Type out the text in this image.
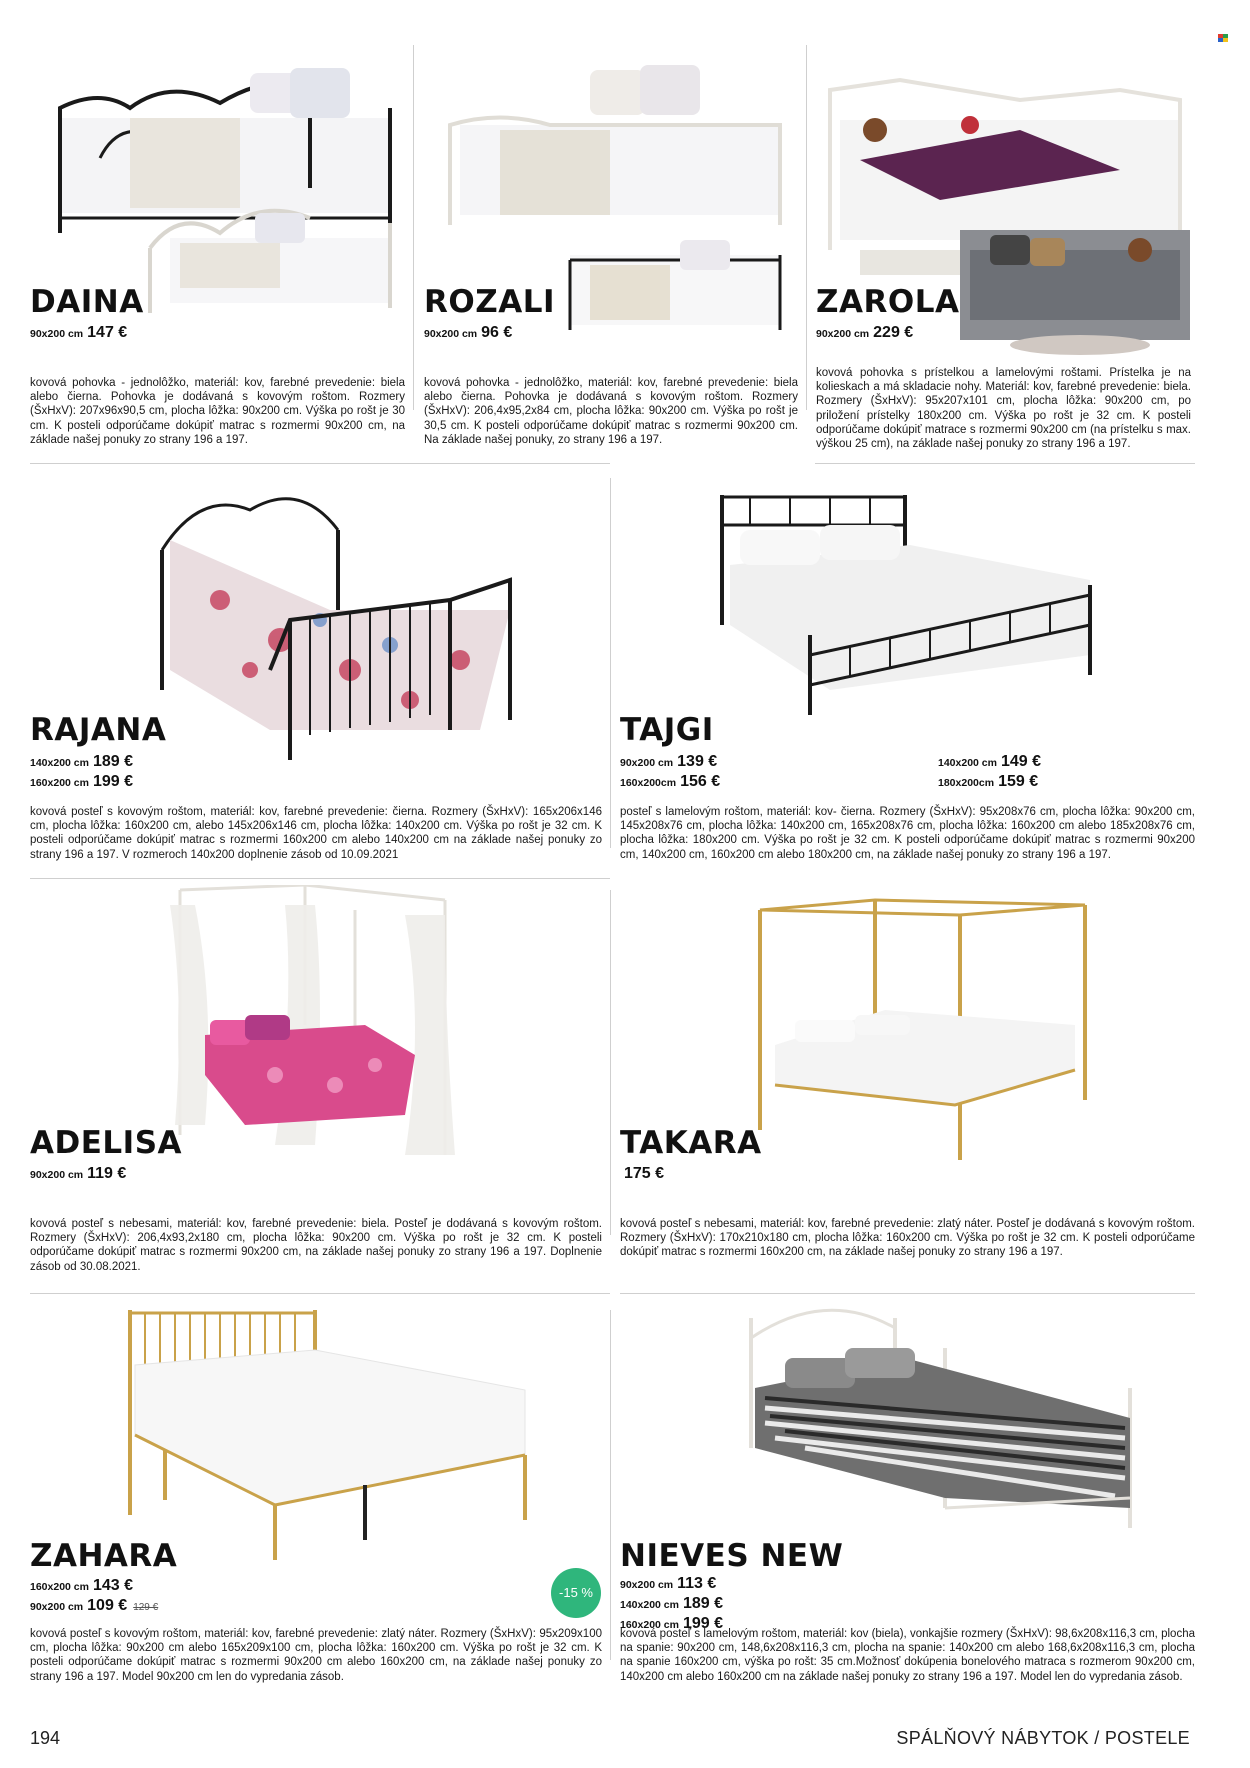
DAINA
90x200 cm 147 €
kovová pohovka - jednolôžko, materiál: kov, farebné prevedenie: biela alebo čierna. Pohovka je dodávaná s kovovým roštom. Rozmery (ŠxHxV): 207x96x90,5 cm, plocha lôžka: 90x200 cm. Výška po rošt je 30 cm. K posteli odporúčame dokúpiť matrac s rozmermi 90x200 cm, na základe našej ponuky zo strany 196 a 197.
ROZALI
90x200 cm 96 €
kovová pohovka - jednolôžko, materiál: kov, farebné prevedenie: biela alebo čierna. Pohovka je dodávaná s kovovým roštom. Rozmery (ŠxHxV): 206,4x95,2x84 cm, plocha lôžka: 90x200 cm. Výška po rošt je 30,5 cm. K posteli odporúčame dokúpiť matrac s rozmermi 90x200 cm. Na základe našej ponuky, zo strany 196 a 197.
ZAROLA
90x200 cm 229 €
kovová pohovka s prístelkou a lamelovými roštami. Prístelka je na kolieskach a má skladacie nohy. Materiál: kov, farebné prevedenie: biela. Rozmery (ŠxHxV): 95x207x101 cm, plocha lôžka: 90x200 cm, po priložení prístelky 180x200 cm. Výška po rošt je 32 cm. K posteli odporúčame dokúpiť matrace s rozmermi 90x200 cm (na prístelku s max. výškou 25 cm), na základe našej ponuky zo strany 196 a 197.
RAJANA
140x200 cm 189 €
160x200 cm 199 €
kovová posteľ s kovovým roštom, materiál: kov, farebné prevedenie: čierna. Rozmery (ŠxHxV): 165x206x146 cm, plocha lôžka: 160x200 cm, alebo 145x206x146 cm, plocha lôžka: 140x200 cm. Výška po rošt je 32 cm. K posteli odporúčame dokúpiť matrac s rozmermi 160x200 cm alebo 140x200 cm na základe našej ponuky zo strany 196 a 197. V rozmeroch 140x200 doplnenie zásob od 10.09.2021
TAJGI
90x200 cm 139 €
160x200cm 156 €
140x200 cm 149 €
180x200cm 159 €
posteľ s lamelovým roštom, materiál: kov- čierna. Rozmery (ŠxHxV): 95x208x76 cm, plocha lôžka: 90x200 cm, 145x208x76 cm, plocha lôžka: 140x200 cm, 165x208x76 cm, plocha lôžka: 160x200 cm alebo 185x208x76 cm, plocha lôžka: 180x200 cm. Výška po rošt je 32 cm. K posteli odporúčame dokúpiť matrac s rozmermi 90x200 cm, 140x200 cm, 160x200 cm alebo 180x200 cm, na základe našej ponuky zo strany 196 a 197.
ADELISA
90x200 cm 119 €
kovová posteľ s nebesami, materiál: kov, farebné prevedenie: biela. Posteľ je dodávaná s kovovým roštom. Rozmery (ŠxHxV): 206,4x93,2x180 cm, plocha lôžka: 90x200 cm. Výška po rošt je 32 cm. K posteli odporúčame dokúpiť matrac s rozmermi 90x200 cm, na základe našej ponuky zo strany 196 a 197. Doplnenie zásob od 30.08.2021.
TAKARA
175 €
kovová posteľ s nebesami, materiál: kov, farebné prevedenie: zlatý náter. Posteľ je dodávaná s kovovým roštom. Rozmery (ŠxHxV): 170x210x180 cm, plocha lôžka: 160x200 cm. Výška po rošt je 32 cm. K posteli odporúčame dokúpiť matrac s rozmermi 160x200 cm, na základe našej ponuky zo strany 196 a 197.
ZAHARA
160x200 cm 143 €
90x200 cm 109 € 129 €
-15 %
kovová posteľ s kovovým roštom, materiál: kov, farebné prevedenie: zlatý náter. Rozmery (ŠxHxV): 95x209x100 cm, plocha lôžka: 90x200 cm alebo 165x209x100 cm, plocha lôžka: 160x200 cm. Výška po rošt je 32 cm. K posteli odporúčame dokúpiť matrac s rozmermi 90x200 cm alebo 160x200 cm, na základe našej ponuky zo strany 196 a 197. Model 90x200 cm len do vypredania zásob.
NIEVES NEW
90x200 cm 113 €
140x200 cm 189 €
160x200 cm 199 €
kovová posteľ s lamelovým roštom, materiál: kov (biela), vonkajšie rozmery (ŠxHxV): 98,6x208x116,3 cm, plocha na spanie: 90x200 cm, 148,6x208x116,3 cm, plocha na spanie: 140x200 cm alebo 168,6x208x116,3 cm, plocha na spanie 160x200 cm, výška po rošt: 35 cm.Možnosť dokúpenia bonelového matraca s rozmerom 90x200 cm, 140x200 cm alebo 160x200 cm na základe našej ponuky zo strany 196 a 197. Model len do vypredania zásob.
194	SPÁLŇOVÝ NÁBYTOK / POSTELE
